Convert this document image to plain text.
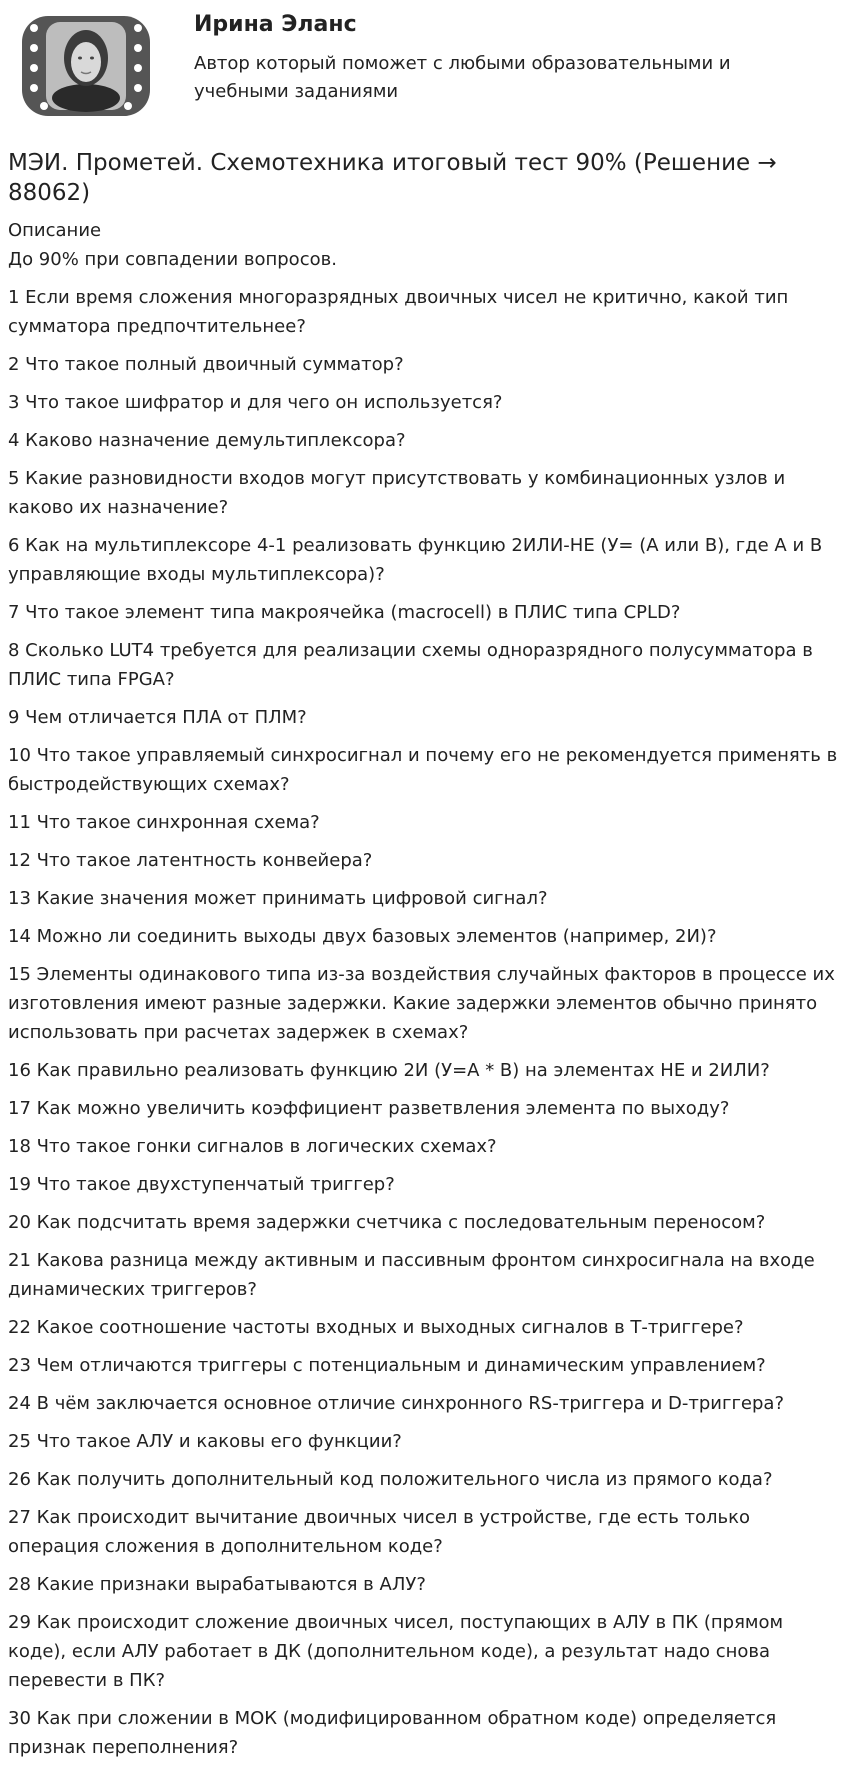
Ирина Эланс

Автор который поможет с любыми образовательными и учебными заданиями

МЭИ. Прометей. Схемотехника итоговый тест 90% (Решение → 88062)

Описание

До 90% при совпадении вопросов.

1 Если время сложения многоразрядных двоичных чисел не критично, какой тип сумматора предпочтительнее?
2 Что такое полный двоичный сумматор?
3 Что такое шифратор и для чего он используется?
4 Каково назначение демультиплексора?
5 Какие разновидности входов могут присутствовать у комбинационных узлов и каково их назначение?
6 Как на мультиплексоре 4-1 реализовать функцию 2ИЛИ-НЕ (У= (А или В), где А и В управляющие входы мультиплексора)?
7 Что такое элемент типа макроячейка (macrocell) в ПЛИС типа CPLD?
8 Сколько LUT4 требуется для реализации схемы одноразрядного полусумматора в ПЛИС типа FPGA?
9 Чем отличается ПЛА от ПЛМ?
10 Что такое управляемый синхросигнал и почему его не рекомендуется применять в быстродействующих схемах?
11 Что такое синхронная схема?
12 Что такое латентность конвейера?
13 Какие значения может принимать цифровой сигнал?
14 Можно ли соединить выходы двух базовых элементов (например, 2И)?
15 Элементы одинакового типа из-за воздействия случайных факторов в процессе их изготовления имеют разные задержки. Какие задержки элементов обычно принято использовать при расчетах задержек в схемах?
16 Как правильно реализовать функцию 2И (У=А * В) на элементах НЕ и 2ИЛИ?
17 Как можно увеличить коэффициент разветвления элемента по выходу?
18 Что такое гонки сигналов в логических схемах?
19 Что такое двухступенчатый триггер?
20 Как подсчитать время задержки счетчика с последовательным переносом?
21 Какова разница между активным и пассивным фронтом синхросигнала на входе динамических триггеров?
22 Какое соотношение частоты входных и выходных сигналов в Т-триггере?
23 Чем отличаются триггеры с потенциальным и динамическим управлением?
24 В чём заключается основное отличие синхронного RS-триггера и D-триггера?
25 Что такое АЛУ и каковы его функции?
26 Как получить дополнительный код положительного числа из прямого кода?
27 Как происходит вычитание двоичных чисел в устройстве, где есть только операция сложения в дополнительном коде?
28 Какие признаки вырабатываются в АЛУ?
29 Как происходит сложение двоичных чисел, поступающих в АЛУ в ПК (прямом коде), если АЛУ работает в ДК (дополнительном коде), а результат надо снова перевести в ПК?
30 Как при сложении в МОК (модифицированном обратном коде) определяется признак переполнения?
